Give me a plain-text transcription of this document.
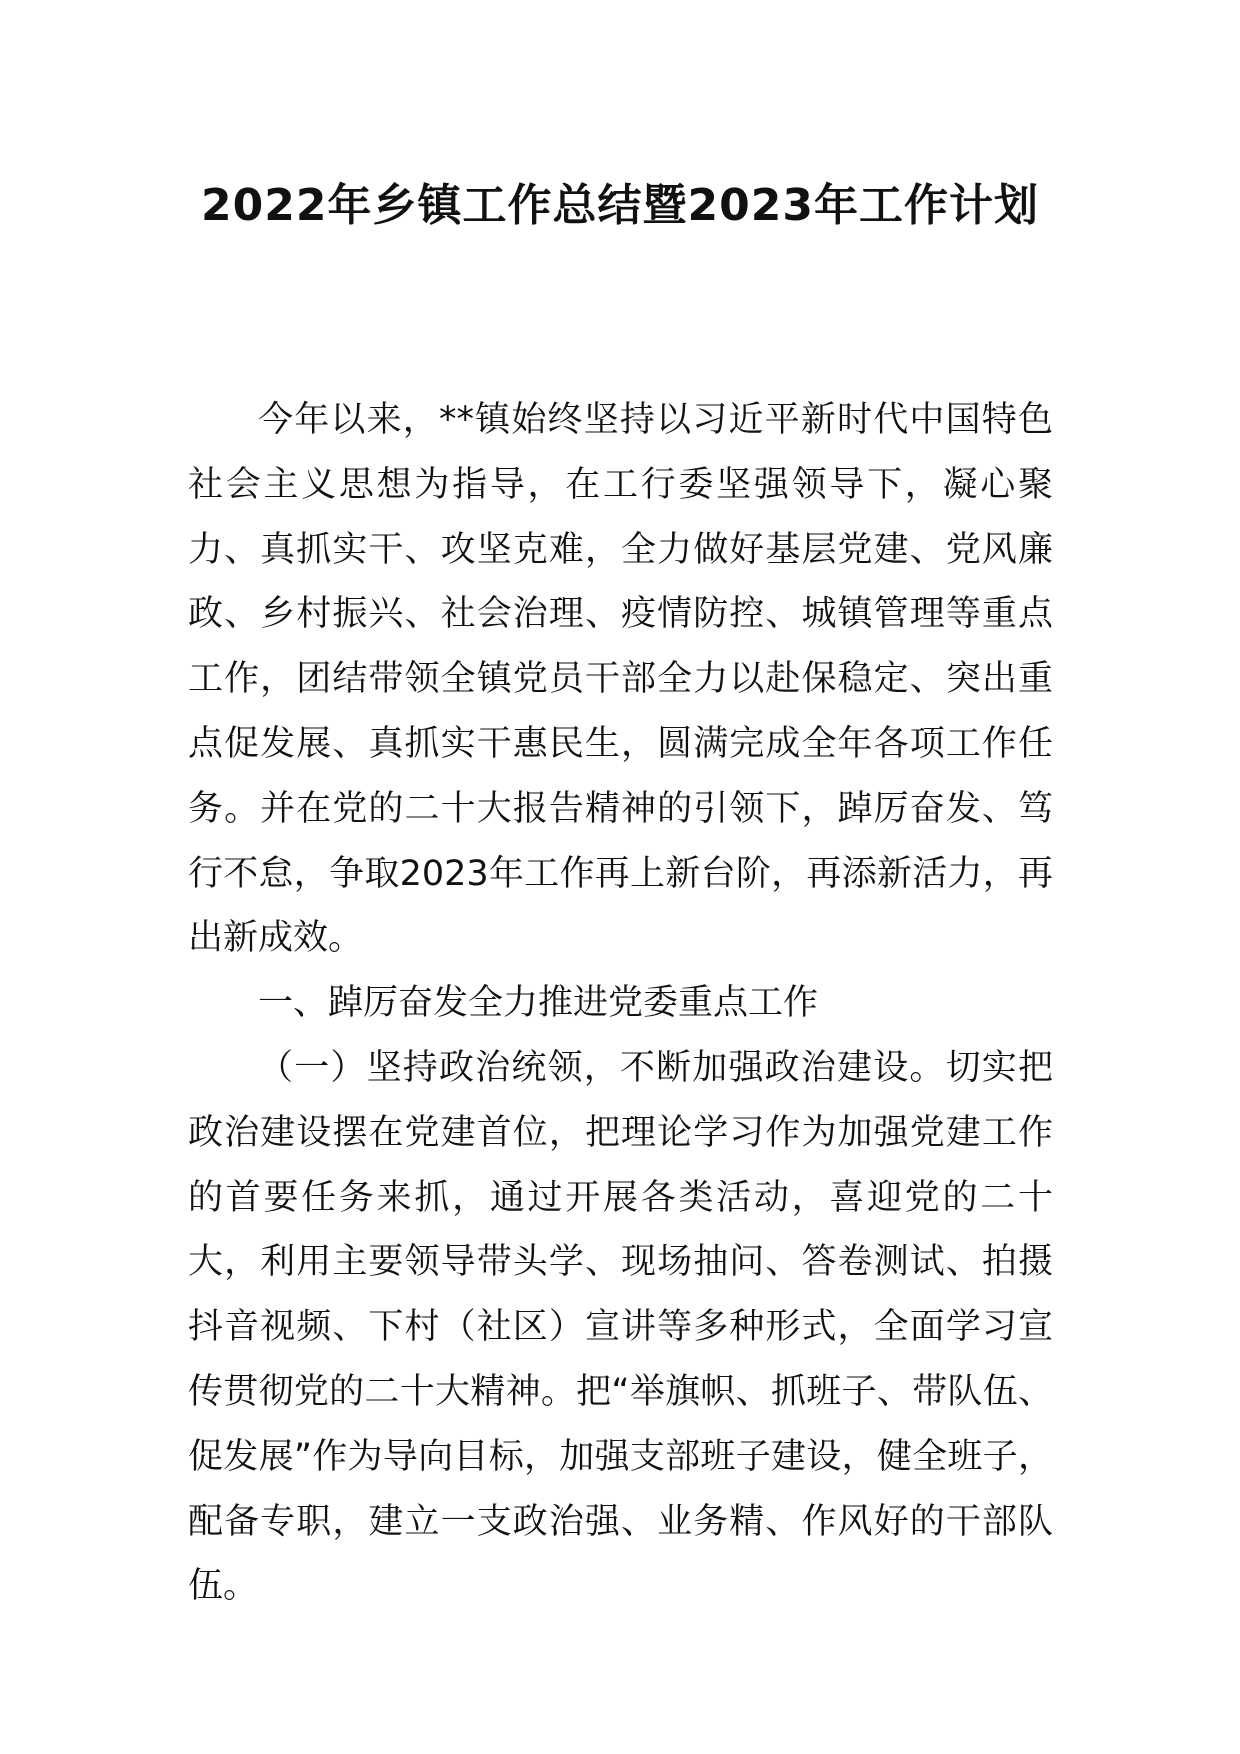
2022年乡镇工作总结暨2023年工作计划

今年以来，**镇始终坚持以习近平新时代中国特色社会主义思想为指导，在工行委坚强领导下，凝心聚力、真抓实干、攻坚克难，全力做好基层党建、党风廉政、乡村振兴、社会治理、疫情防控、城镇管理等重点工作，团结带领全镇党员干部全力以赴保稳定、突出重点促发展、真抓实干惠民生，圆满完成全年各项工作任务。并在党的二十大报告精神的引领下，踔厉奋发、笃行不怠，争取2023年工作再上新台阶，再添新活力，再出新成效。

一、踔厉奋发全力推进党委重点工作

（一）坚持政治统领，不断加强政治建设。切实把政治建设摆在党建首位，把理论学习作为加强党建工作的首要任务来抓，通过开展各类活动，喜迎党的二十大，利用主要领导带头学、现场抽问、答卷测试、拍摄抖音视频、下村（社区）宣讲等多种形式，全面学习宣传贯彻党的二十大精神。把“举旗帜、抓班子、带队伍、促发展”作为导向目标，加强支部班子建设，健全班子，配备专职，建立一支政治强、业务精、作风好的干部队伍。
